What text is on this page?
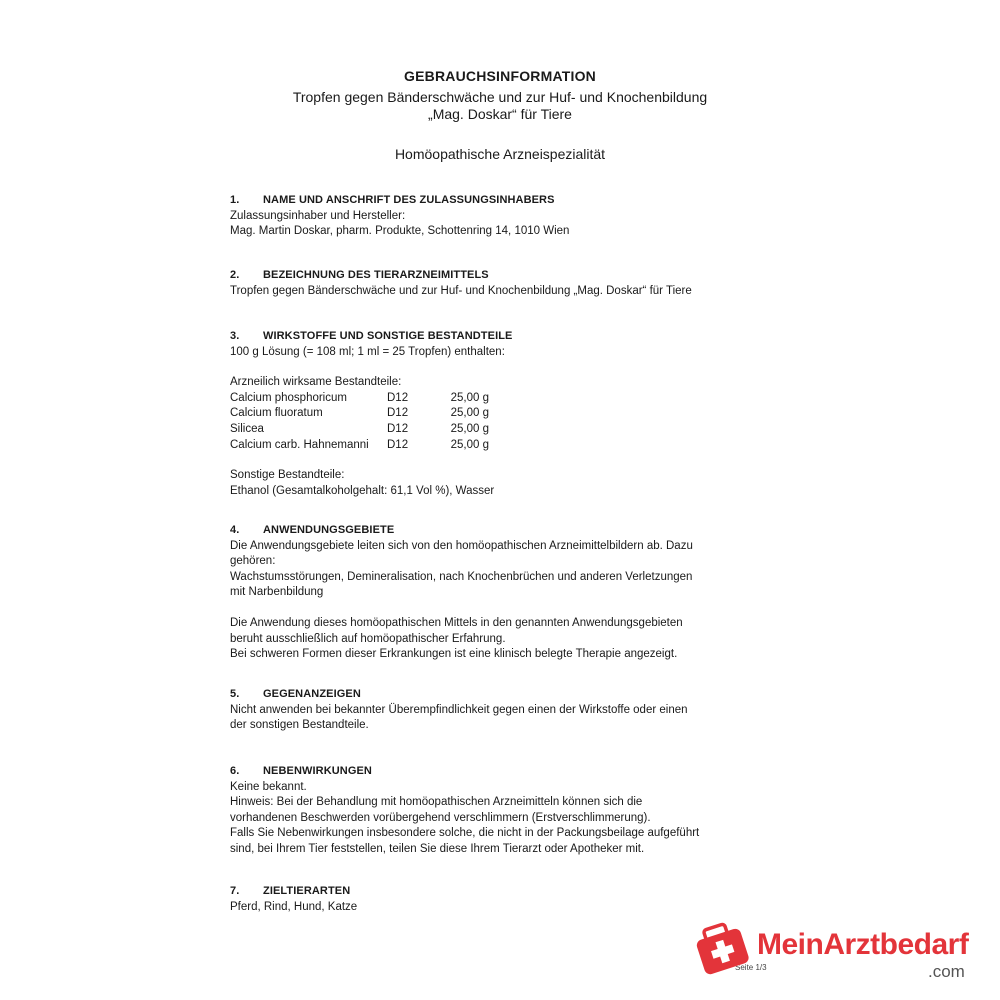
GEBRAUCHSINFORMATION
Tropfen gegen Bänderschwäche und zur Huf- und Knochenbildung
„Mag. Doskar“ für Tiere
Homöopathische Arzneispezialität
1.	NAME UND ANSCHRIFT DES ZULASSUNGSINHABERS
Zulassungsinhaber und Hersteller:
Mag. Martin Doskar, pharm. Produkte, Schottenring 14, 1010 Wien
2.	BEZEICHNUNG DES TIERARZNEIMITTELS
Tropfen gegen Bänderschwäche und zur Huf- und Knochenbildung „Mag. Doskar“ für Tiere
3.	WIRKSTOFFE UND SONSTIGE BESTANDTEILE
100 g Lösung (= 108 ml; 1 ml = 25 Tropfen) enthalten:
Arzneilich wirksame Bestandteile:
Calcium phosphoricum	D12	25,00 g
Calcium fluoratum	D12	25,00 g
Silicea	D12	25,00 g
Calcium carb. Hahnemanni	D12	25,00 g
Sonstige Bestandteile:
Ethanol (Gesamtalkoholgehalt: 61,1 Vol %), Wasser
4.	ANWENDUNGSGEBIETE
Die Anwendungsgebiete leiten sich von den homöopathischen Arzneimittelbildern ab. Dazu
gehören:
Wachstumsstörungen, Demineralisation, nach Knochenbrüchen und anderen Verletzungen
mit Narbenbildung
Die Anwendung dieses homöopathischen Mittels in den genannten Anwendungsgebieten
beruht ausschließlich auf homöopathischer Erfahrung.
Bei schweren Formen dieser Erkrankungen ist eine klinisch belegte Therapie angezeigt.
5.	GEGENANZEIGEN
Nicht anwenden bei bekannter Überempfindlichkeit gegen einen der Wirkstoffe oder einen
der sonstigen Bestandteile.
6.	NEBENWIRKUNGEN
Keine bekannt.
Hinweis: Bei der Behandlung mit homöopathischen Arzneimitteln können sich die
vorhandenen Beschwerden vorübergehend verschlimmern (Erstverschlimmerung).
Falls Sie Nebenwirkungen insbesondere solche, die nicht in der Packungsbeilage aufgeführt
sind, bei Ihrem Tier feststellen, teilen Sie diese Ihrem Tierarzt oder Apotheker mit.
7.	ZIELTIERARTEN
Pferd, Rind, Hund, Katze
Seite 1/3
MeinArztbedarf
.com
